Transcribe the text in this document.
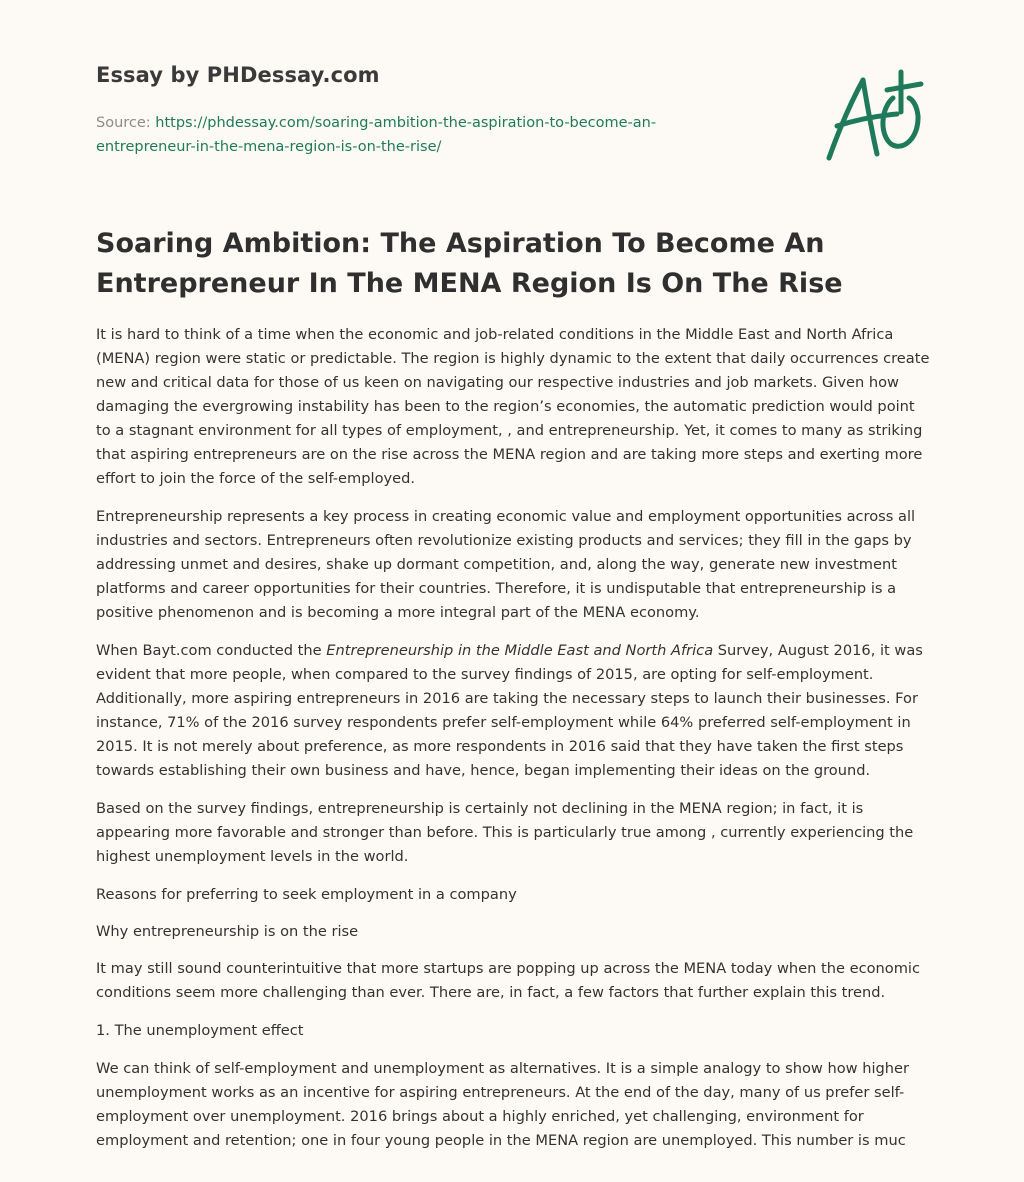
Essay by PHDessay.com
Source: https://phdessay.com/soaring-ambition-the-aspiration-to-become-an-
entrepreneur-in-the-mena-region-is-on-the-rise/
Soaring Ambition: The Aspiration To Become An Entrepreneur In The MENA Region Is On The Rise

It is hard to think of a time when the economic and job-related conditions in the Middle East and North Africa (MENA) region were static or predictable. The region is highly dynamic to the extent that daily occurrences create new and critical data for those of us keen on navigating our respective industries and job markets. Given how damaging the evergrowing instability has been to the region’s economies, the automatic prediction would point to a stagnant environment for all types of employment, , and entrepreneurship. Yet, it comes to many as striking that aspiring entrepreneurs are on the rise across the MENA region and are taking more steps and exerting more effort to join the force of the self-employed.

Entrepreneurship represents a key process in creating economic value and employment opportunities across all industries and sectors. Entrepreneurs often revolutionize existing products and services; they fill in the gaps by addressing unmet and desires, shake up dormant competition, and, along the way, generate new investment platforms and career opportunities for their countries. Therefore, it is undisputable that entrepreneurship is a positive phenomenon and is becoming a more integral part of the MENA economy.

When Bayt.com conducted the Entrepreneurship in the Middle East and North Africa Survey, August 2016, it was evident that more people, when compared to the survey findings of 2015, are opting for self-employment. Additionally, more aspiring entrepreneurs in 2016 are taking the necessary steps to launch their businesses. For instance, 71% of the 2016 survey respondents prefer self-employment while 64% preferred self-employment in 2015. It is not merely about preference, as more respondents in 2016 said that they have taken the first steps towards establishing their own business and have, hence, began implementing their ideas on the ground.

Based on the survey findings, entrepreneurship is certainly not declining in the MENA region; in fact, it is appearing more favorable and stronger than before. This is particularly true among , currently experiencing the highest unemployment levels in the world.

Reasons for preferring to seek employment in a company

Why entrepreneurship is on the rise

It may still sound counterintuitive that more startups are popping up across the MENA today when the economic conditions seem more challenging than ever. There are, in fact, a few factors that further explain this trend.

1. The unemployment effect

We can think of self-employment and unemployment as alternatives. It is a simple analogy to show how higher unemployment works as an incentive for aspiring entrepreneurs. At the end of the day, many of us prefer self-employment over unemployment. 2016 brings about a highly enriched, yet challenging, environment for employment and retention; one in four young people in the MENA region are unemployed. This number is muc
